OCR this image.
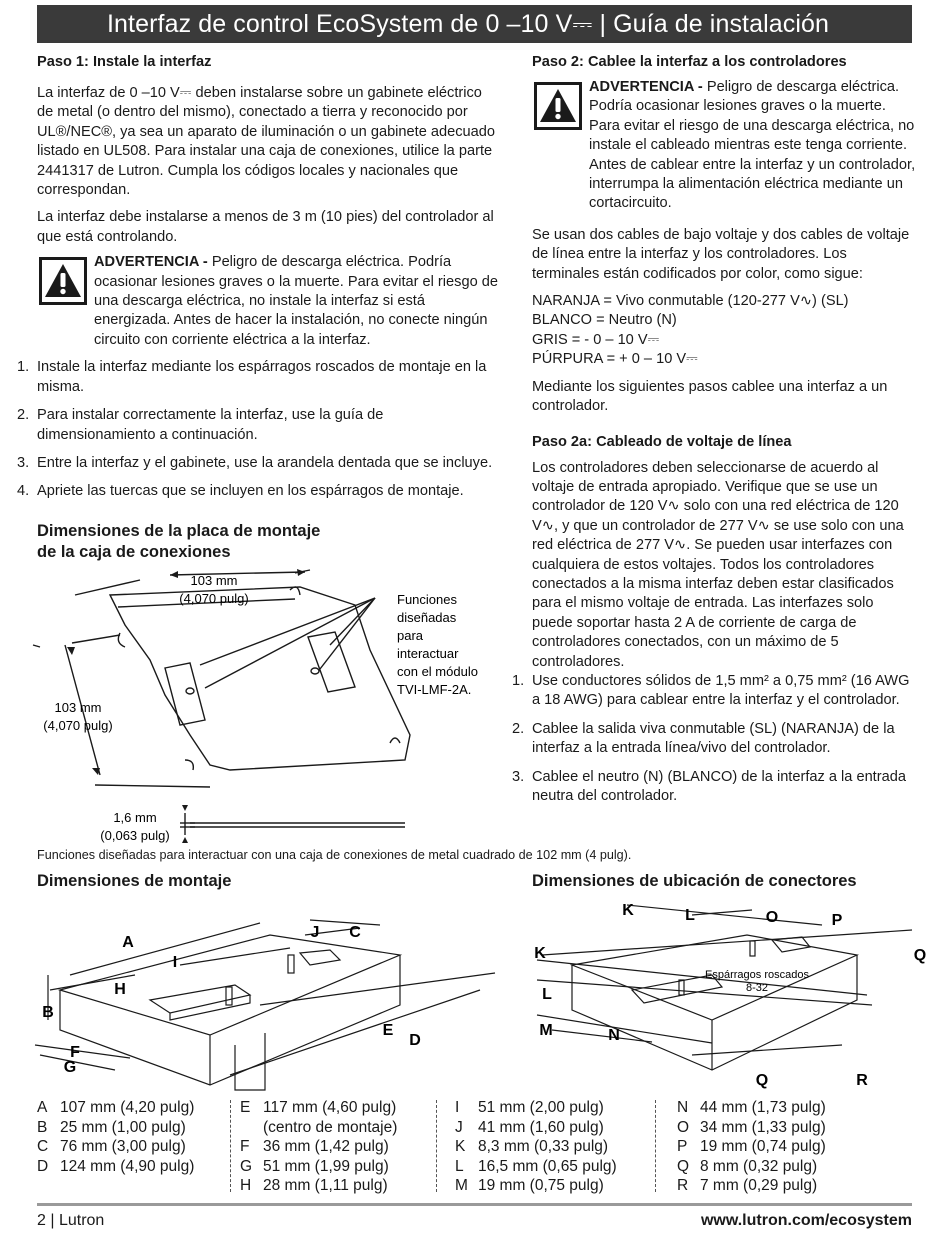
Interfaz de control EcoSystem de 0 –10 V⎓ | Guía de instalación
Paso 1: Instale la interfaz

La interfaz de 0 –10 V⎓ deben instalarse sobre un gabinete eléctrico de metal (o dentro del mismo), conectado a tierra y reconocido por UL®/NEC®, ya sea un aparato de iluminación o un gabinete adecuado listado en UL508. Para instalar una caja de conexiones, utilice la parte 2441317 de Lutron. Cumpla los códigos locales y nacionales que correspondan.

La interfaz debe instalarse a menos de 3 m (10 pies) del controlador al que está controlando.

ADVERTENCIA - Peligro de descarga eléctrica. Podría ocasionar lesiones graves o la muerte. Para evitar el riesgo de una descarga eléctrica, no instale la interfaz si está energizada. Antes de hacer la instalación, no conecte ningún circuito con corriente eléctrica a la interfaz.

1. Instale la interfaz mediante los espárragos roscados de montaje en la misma.
2. Para instalar correctamente la interfaz, use la guía de dimensionamiento a continuación.
3. Entre la interfaz y el gabinete, use la arandela dentada que se incluye.
4. Apriete las tuercas que se incluyen en los espárragos de montaje.
Dimensiones de la placa de montaje
de la caja de conexiones
103 mm
(4,070 pulg)
103 mm
(4,070 pulg)
1,6 mm
(0,063 pulg)
Funciones
diseñadas
para
interactuar
con el módulo
TVI-LMF-2A.
Funciones diseñadas para interactuar con una caja de conexiones de metal cuadrado de 102 mm (4 pulg).
Paso 2: Cablee la interfaz a los controladores

ADVERTENCIA - Peligro de descarga eléctrica. Podría ocasionar lesiones graves o la muerte. Para evitar el riesgo de una descarga eléctrica, no instale el cableado mientras este tenga corriente. Antes de cablear entre la interfaz y un controlador, interrumpa la alimentación eléctrica mediante un cortacircuito.

Se usan dos cables de bajo voltaje y dos cables de voltaje de línea entre la interfaz y los controladores. Los terminales están codificados por color, como sigue:

NARANJA = Vivo conmutable (120-277 V∿) (SL)

BLANCO = Neutro (N)

GRIS = - 0 – 10 V⎓

PÚRPURA = + 0 – 10 V⎓

Mediante los siguientes pasos cablee una interfaz a un controlador.

Paso 2a: Cableado de voltaje de línea

Los controladores deben seleccionarse de acuerdo al voltaje de entrada apropiado. Verifique que se use un controlador de 120 V∿ solo con una red eléctrica de 120 V∿, y que un controlador de 277 V∿ se use solo con una red eléctrica de 277 V∿. Se pueden usar interfazes con cualquiera de estos voltajes. Todos los controladores conectados a la misma interfaz deben estar clasificados para el mismo voltaje de entrada. Las interfazes solo puede soportar hasta 2 A de corriente de carga de controladores conectados, con un máximo de 5 controladores.

1. Use conductores sólidos de 1,5 mm² a 0,75 mm² (16 AWG a 18 AWG) para cablear entre la interfaz y el controlador.
2. Cablee la salida viva conmutable (SL) (NARANJA) de la interfaz a la entrada línea/vivo del controlador.
3. Cablee el neutro (N) (BLANCO) de la interfaz a la entrada neutra del controlador.
Dimensiones de montaje	Dimensiones de ubicación de conectores
A
B
C
D
E
F
G
H
I
J
K
K
L
L
M	N
O	P
Q
Q	R
Espárragos roscados
8-32
A 107 mm (4,20 pulg)
B 25 mm (1,00 pulg)
C 76 mm (3,00 pulg)
D 124 mm (4,90 pulg)
E 117 mm (4,60 pulg)
(centro de montaje)
F 36 mm (1,42 pulg)
G 51 mm (1,99 pulg)
H 28 mm (1,11 pulg)
I 51 mm (2,00 pulg)
J 41 mm (1,60 pulg)
K 8,3 mm (0,33 pulg)
L 16,5 mm (0,65 pulg)
M 19 mm (0,75 pulg)
N 44 mm (1,73 pulg)
O 34 mm (1,33 pulg)
P 19 mm (0,74 pulg)
Q 8 mm (0,32 pulg)
R 7 mm (0,29 pulg)
2 | Lutron	www.lutron.com/ecosystem
